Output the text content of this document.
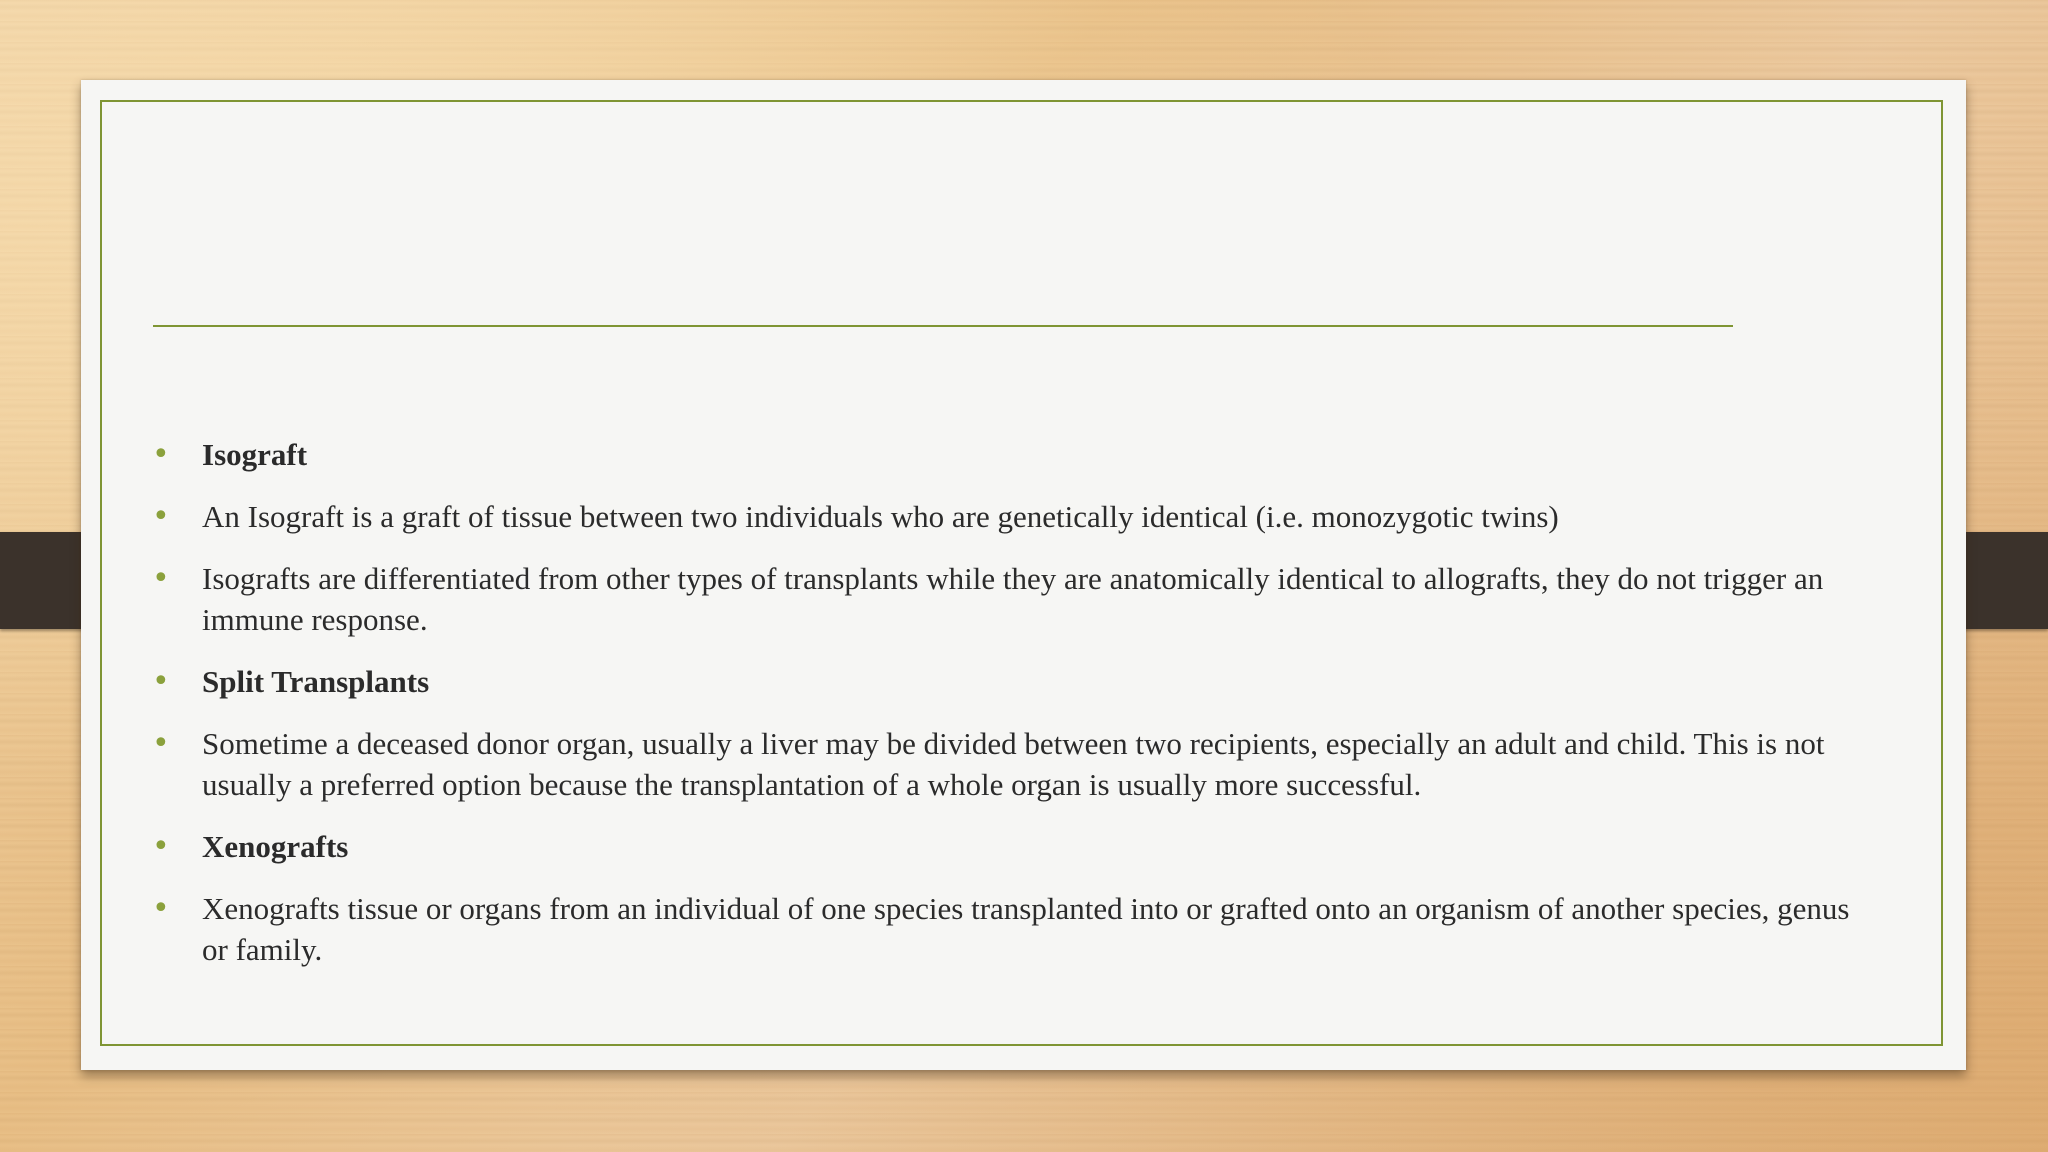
• Isograft
• An Isograft is a graft of tissue between two individuals who are genetically identical (i.e. monozygotic twins)
• Isografts are differentiated from other types of transplants while they are anatomically identical to allografts, they do not trigger an immune response.
• Split Transplants
• Sometime a deceased donor organ, usually a liver may be divided between two recipients, especially an adult and child. This is not usually a preferred option because the transplantation of a whole organ is usually more successful.
• Xenografts
• Xenografts tissue or organs from an individual of one species transplanted into or grafted onto an organism of another species, genus or family.
